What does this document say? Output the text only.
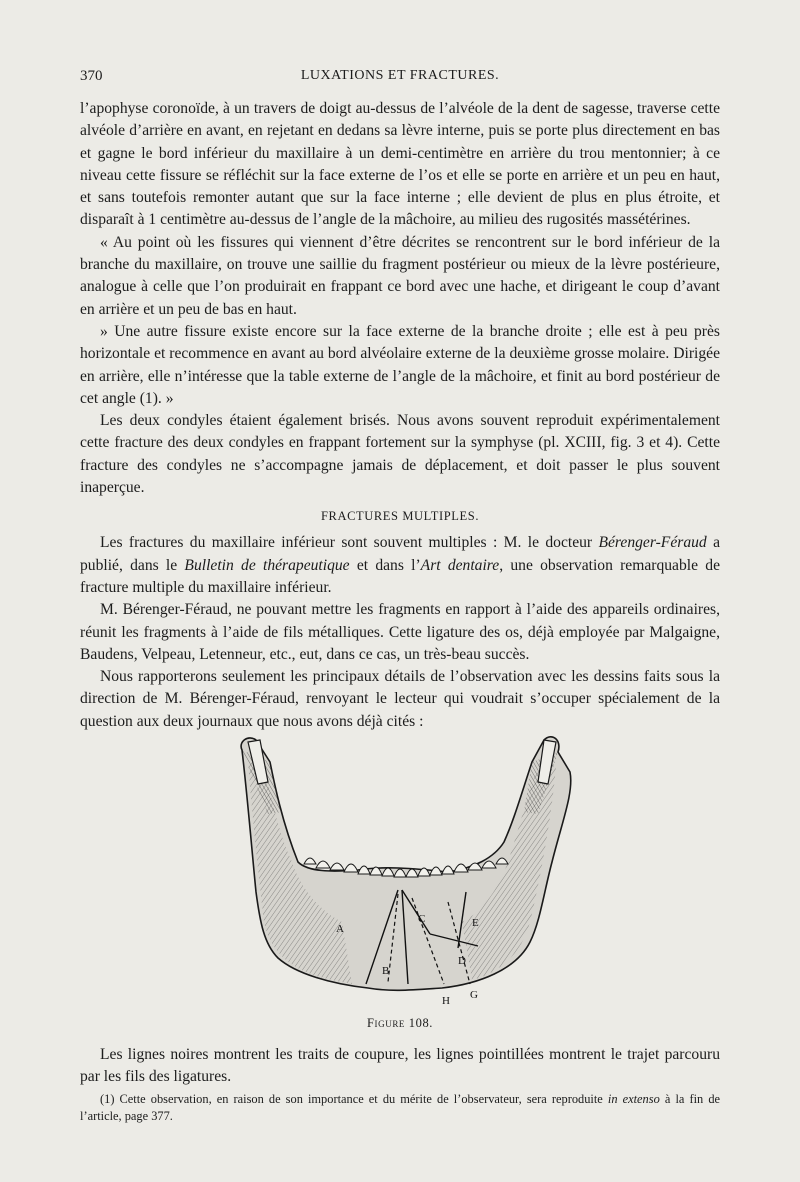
370	LUXATIONS ET FRACTURES.

l’apophyse coronoïde, à un travers de doigt au-dessus de l’alvéole de la dent de sagesse, traverse cette alvéole d’arrière en avant, en rejetant en dedans sa lèvre interne, puis se porte plus directement en bas et gagne le bord inférieur du maxillaire à un demi-centimètre en arrière du trou mentonnier; à ce niveau cette fissure se réfléchit sur la face externe de l’os et elle se porte en arrière et un peu en haut, et sans toutefois remonter autant que sur la face interne ; elle devient de plus en plus étroite, et disparaît à 1 centimètre au-dessus de l’angle de la mâchoire, au milieu des rugosités massétérines.

« Au point où les fissures qui viennent d’être décrites se rencontrent sur le bord inférieur de la branche du maxillaire, on trouve une saillie du fragment postérieur ou mieux de la lèvre postérieure, analogue à celle que l’on produirait en frappant ce bord avec une hache, et dirigeant le coup d’avant en arrière et un peu de bas en haut.

» Une autre fissure existe encore sur la face externe de la branche droite ; elle est à peu près horizontale et recommence en avant au bord alvéolaire externe de la deuxième grosse molaire. Dirigée en arrière, elle n’intéresse que la table externe de l’angle de la mâchoire, et finit au bord postérieur de cet angle (1). »

Les deux condyles étaient également brisés. Nous avons souvent reproduit expérimentalement cette fracture des deux condyles en frappant fortement sur la symphyse (pl. XCIII, fig. 3 et 4). Cette fracture des condyles ne s’accompagne jamais de déplacement, et doit passer le plus souvent inaperçue.

FRACTURES MULTIPLES.

Les fractures du maxillaire inférieur sont souvent multiples : M. le docteur Bérenger-Féraud a publié, dans le Bulletin de thérapeutique et dans l’Art dentaire, une observation remarquable de fracture multiple du maxillaire inférieur.

M. Bérenger-Féraud, ne pouvant mettre les fragments en rapport à l’aide des appareils ordinaires, réunit les fragments à l’aide de fils métalliques. Cette ligature des os, déjà employée par Malgaigne, Baudens, Velpeau, Letenneur, etc., eut, dans ce cas, un très-beau succès.

Nous rapporterons seulement les principaux détails de l’observation avec les dessins faits sous la direction de M. Bérenger-Féraud, renvoyant le lecteur qui voudrait s’occuper spécialement de la question aux deux journaux que nous avons déjà cités :

A
B
C
D
E
G
H
Figure 108.

Les lignes noires montrent les traits de coupure, les lignes pointillées montrent le trajet parcouru par les fils des ligatures.

(1) Cette observation, en raison de son importance et du mérite de l’observateur, sera reproduite in extenso à la fin de l’article, page 377.
